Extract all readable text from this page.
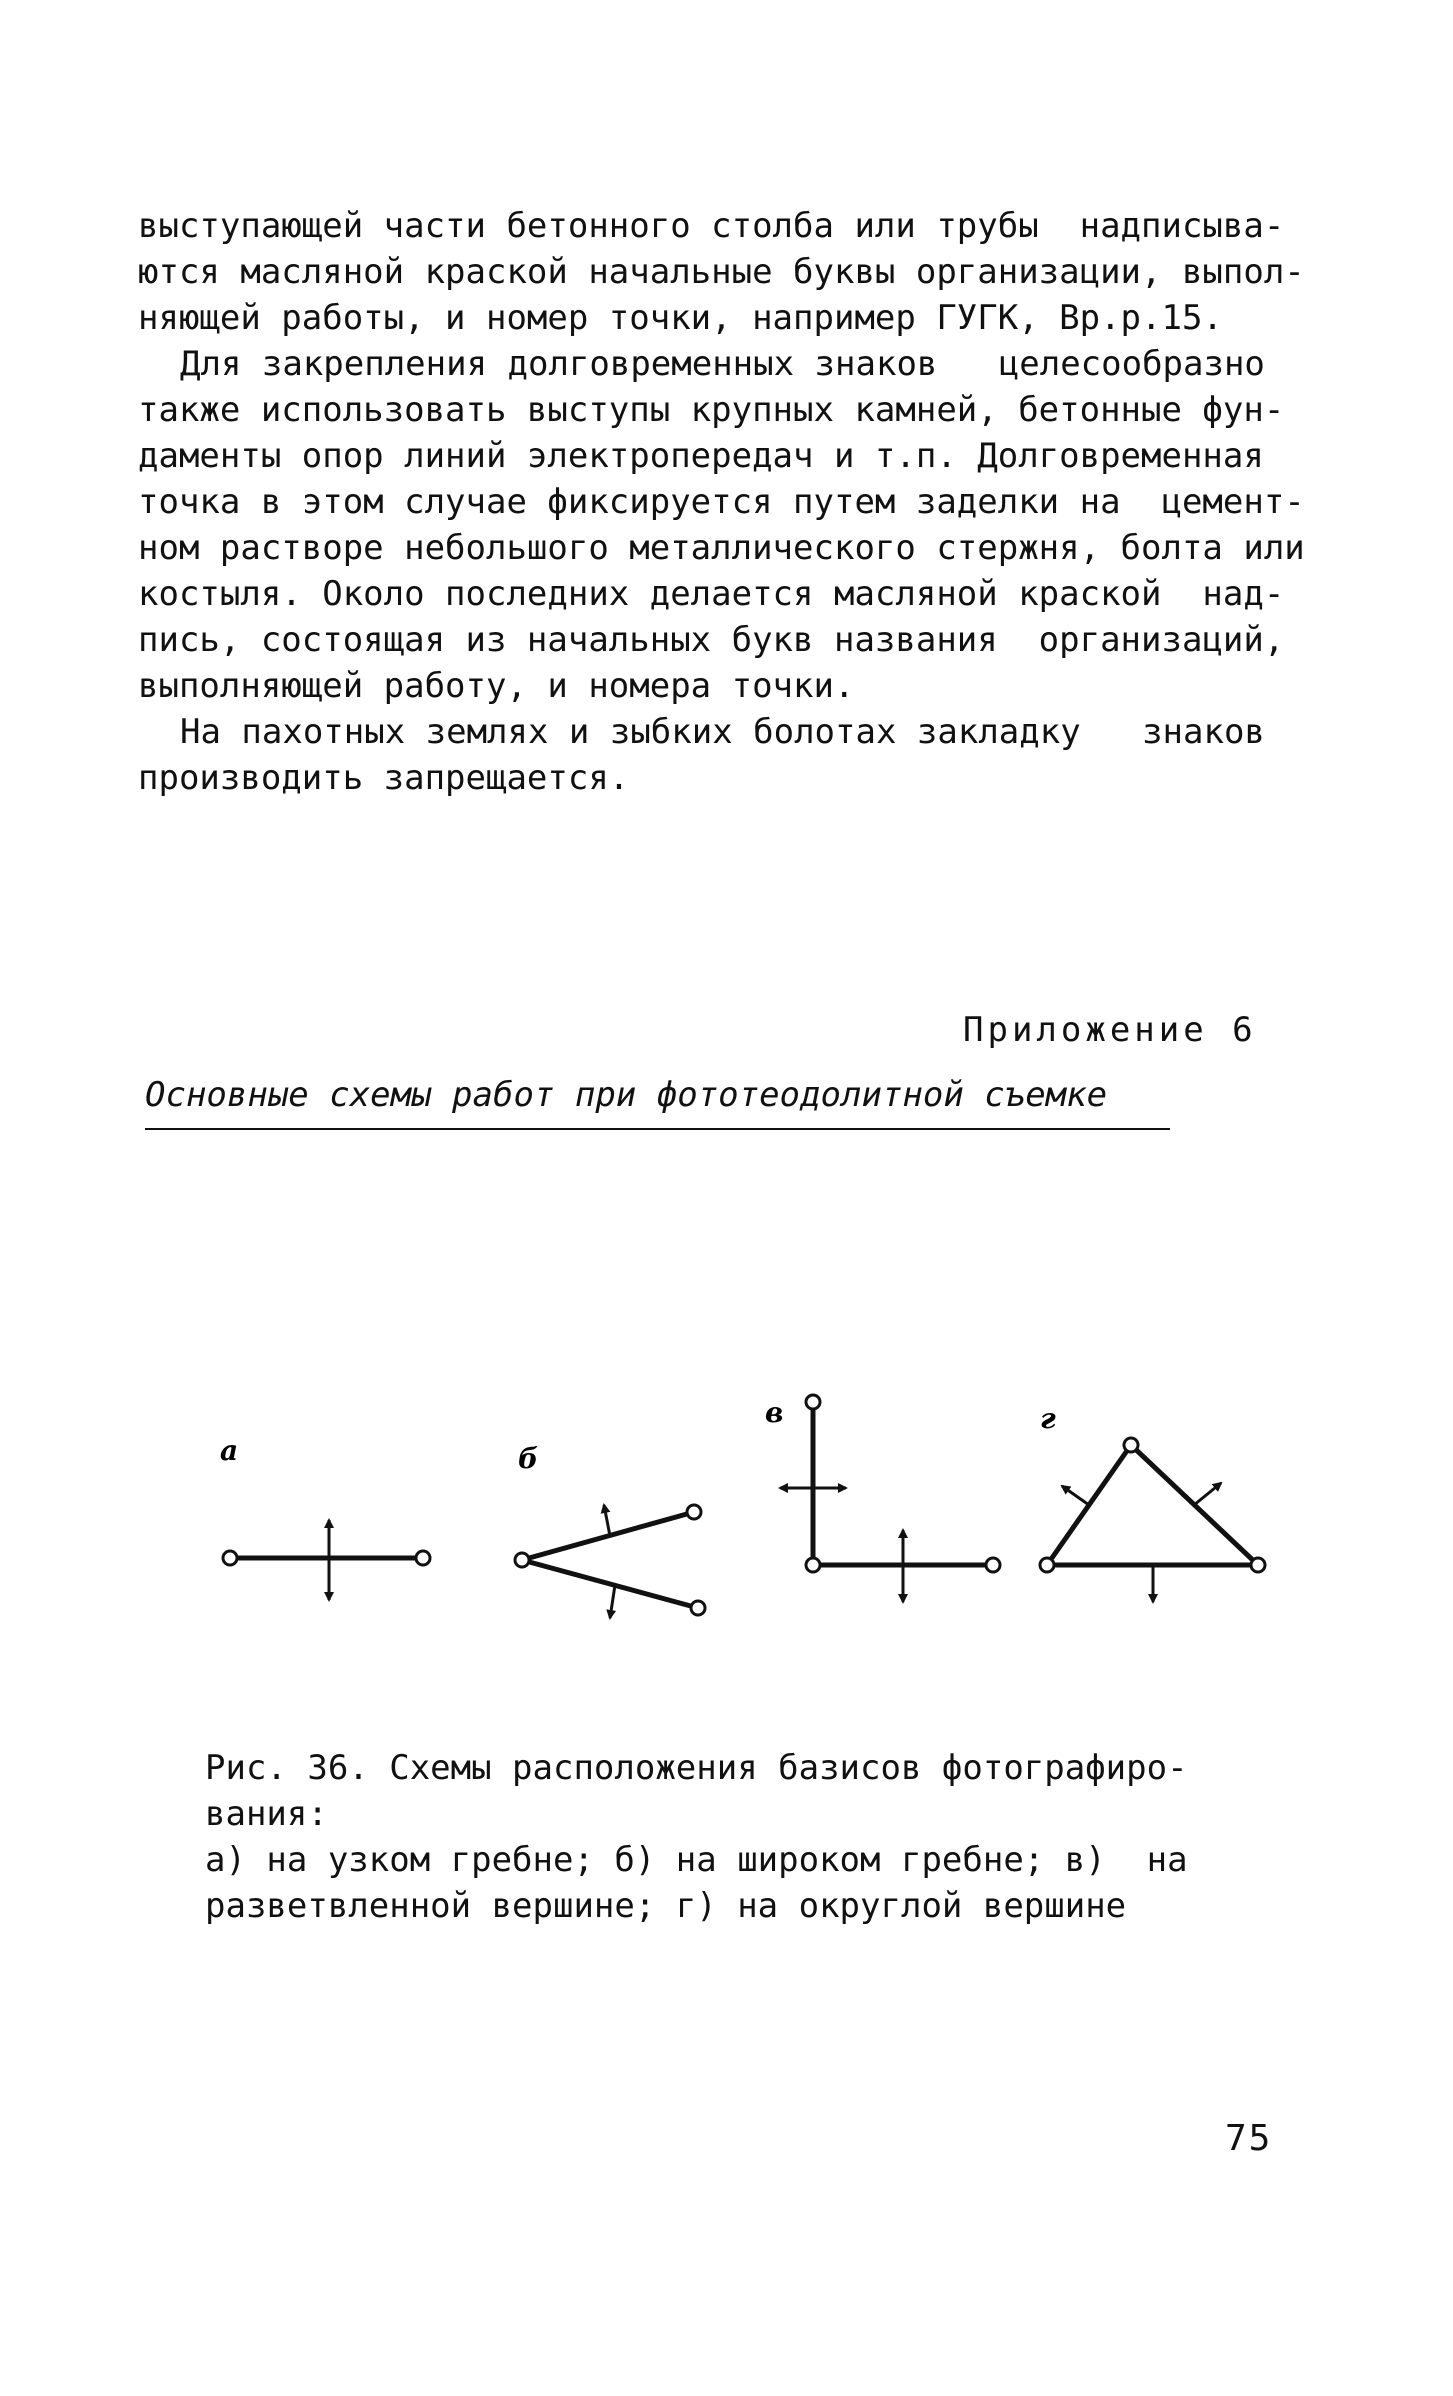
выступающей части бетонного столба или трубы  надписыва-
ются масляной краской начальные буквы организации, выпол-
няющей работы, и номер точки, например ГУГК, Вр.р.15.
Для закрепления долговременных знаков   целесообразно
также использовать выступы крупных камней, бетонные фун-
даменты опор линий электропередач и т.п. Долговременная
точка в этом случае фиксируется путем заделки на  цемент-
ном растворе небольшого металлического стержня, болта или
костыля. Около последних делается масляной краской  над-
пись, состоящая из начальных букв названия  организаций,
выполняющей работу, и номера точки.
На пахотных землях и зыбких болотах закладку   знаков
производить запрещается.
Приложение 6
Основные схемы работ при фототеодолитной съемке
а	б
в	г
Рис. 36. Схемы расположения базисов фотографиро-
вания:
а) на узком гребне; б) на широком гребне; в)  на
разветвленной вершине; г) на округлой вершине
75
